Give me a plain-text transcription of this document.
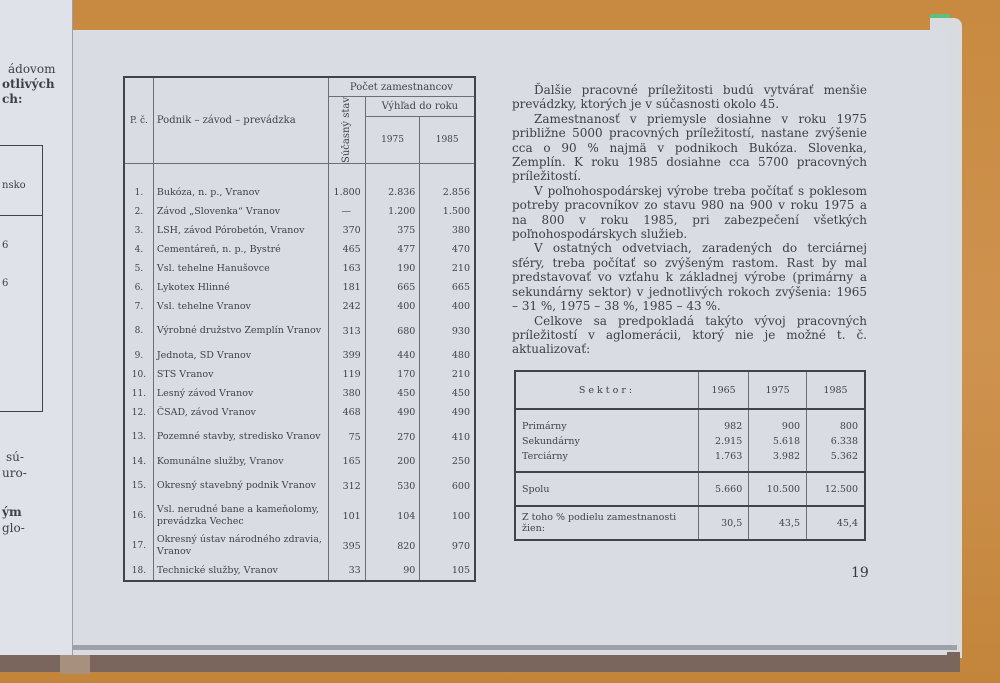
ádovom
otlivých
ch:
nsko
6
6
sú-
uro-
ým
glo-
P. č.	Podnik – závod – prevádzka	Počet zamestnancov		

		Súčasný stav	Výhľad do roku	
			1975	1985

1.	Bukóza, n. p., Vranov	1.800	2.836	2.856
2.	Závod „Slovenka“ Vranov	—	1.200	1.500
3.	LSH, závod Pórobetón, Vranov	370	375	380
4.	Cementáreň, n. p., Bystré	465	477	470
5.	Vsl. tehelne Hanušovce	163	190	210
6.	Lykotex Hlinné	181	665	665
7.	Vsl. tehelne Vranov	242	400	400
8.	Výrobné družstvo Zemplín Vranov	313	680	930
9.	Jednota, SD Vranov	399	440	480
10.	STS Vranov	119	170	210
11.	Lesný závod Vranov	380	450	450
12.	ČSAD, závod Vranov	468	490	490
13.	Pozemné stavby, stredisko Vranov	75	270	410
14.	Komunálne služby, Vranov	165	200	250
15.	Okresný stavebný podnik Vranov	312	530	600
16.	Vsl. nerudné bane a kameňolomy, prevádzka Vechec	101	104	100
17.	Okresný ústav národného zdravia, Vranov	395	820	970
18.	Technické služby, Vranov	33	90	105

Ďalšie pracovné príležitosti budú vytvárať menšie prevádzky, ktorých je v súčasnosti okolo 45.

Zamestnanosť v priemysle dosiahne v roku 1975 približne 5000 pracovných príležitostí, nastane zvýšenie cca o 90 % najmä v podnikoch Bukóza. Slovenka, Zemplín. K roku 1985 dosiahne cca 5700 pracovných príležitostí.

V poľnohospodárskej výrobe treba počítať s poklesom potreby pracovníkov zo stavu 980 na 900 v roku 1975 a na 800 v roku 1985, pri zabezpečení všetkých poľnohospodárskych služieb.

V ostatných odvetviach, zaradených do terciárnej sféry, treba počítať so zvýšeným rastom. Rast by mal predstavovať vo vzťahu k základnej výrobe (primárny a sekundárny sektor) v jednotlivých rokoch zvýšenia: 1965 – 31 %, 1975 – 38 %, 1985 – 43 %.

Celkove sa predpokladá takýto vývoj pracovných príležitostí v aglomerácii, ktorý nie je možné t. č. aktualizovať:

Sektor:	1965	1975	1985

Primárny	982	900	800
Sekundárny	2.915	5.618	6.338
Terciárny	1.763	3.982	5.362

Spolu	5.660	10.500	12.500
Z toho % podielu zamestnanosti žien:	30,5	43,5	45,4
19
